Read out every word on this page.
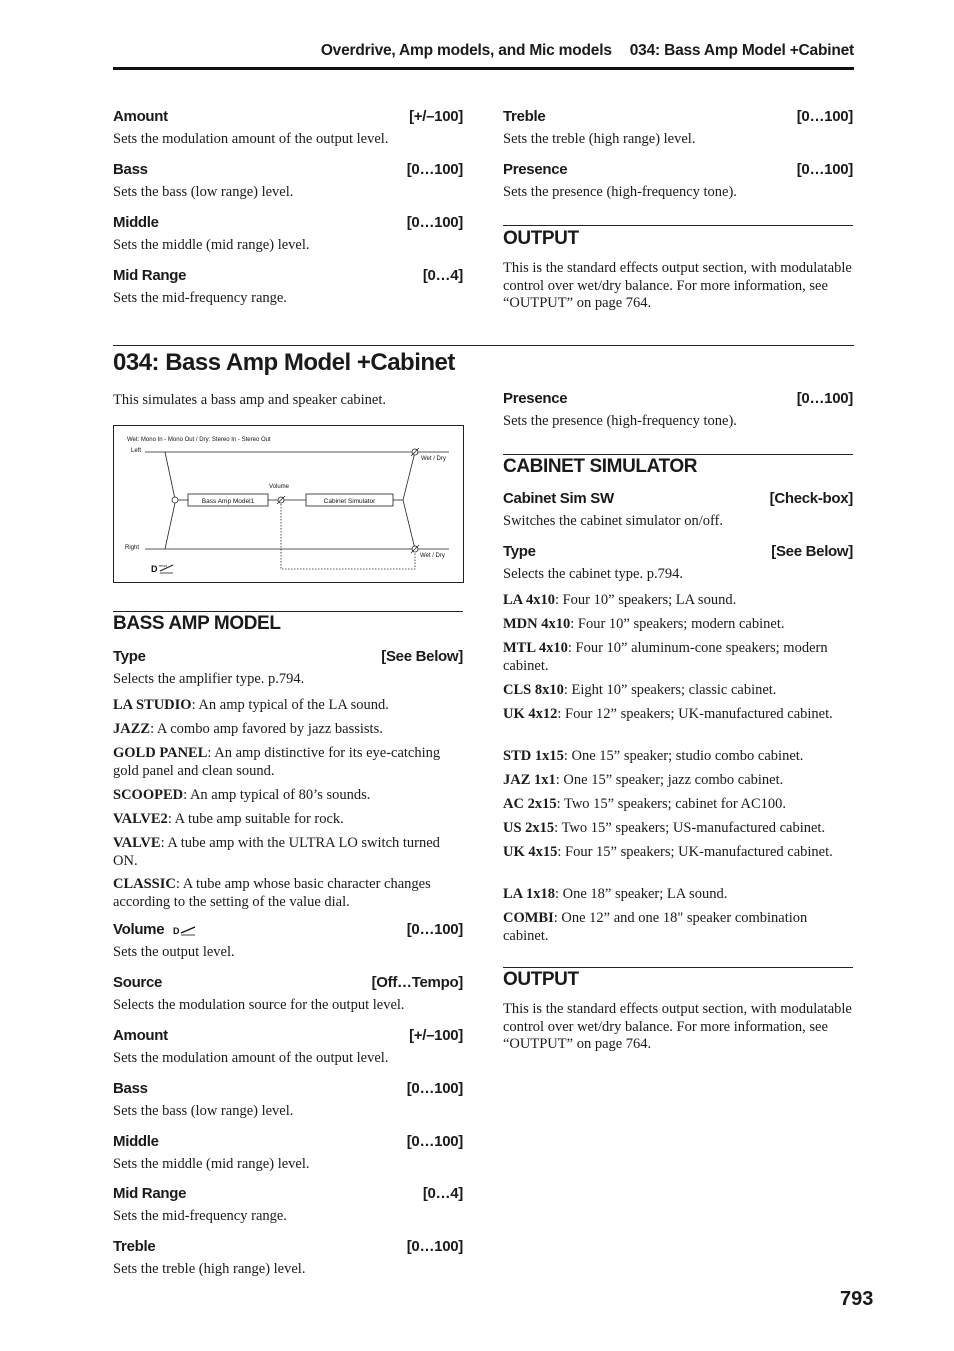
Overdrive, Amp models, and Mic models 034: Bass Amp Model +Cabinet
Amount	[+/–100]
Sets the modulation amount of the output level.
Bass	[0…100]
Sets the bass (low range) level.
Middle	[0…100]
Sets the middle (mid range) level.
Mid Range	[0…4]
Sets the mid-frequency range.
Treble	[0…100]
Sets the treble (high range) level.
Presence	[0…100]
Sets the presence (high-frequency tone).
OUTPUT
This is the standard effects output section, with modulatable control over wet/dry balance. For more information, see “OUTPUT” on page 764.
034: Bass Amp Model +Cabinet
This simulates a bass amp and speaker cabinet.
Wet: Mono In - Mono Out / Dry: Stereo In - Stereo Out
Left
Right
Volume
Wet / Dry
Wet / Dry
Bass Amp Model1	Cabinet Simulator
D mod
BASS AMP MODEL
Type	[See Below]
Selects the amplifier type. p.794.
LA STUDIO: An amp typical of the LA sound.
JAZZ: A combo amp favored by jazz bassists.
GOLD PANEL: An amp distinctive for its eye-catching gold panel and clean sound.
SCOOPED: An amp typical of 80’s sounds.
VALVE2: A tube amp suitable for rock.
VALVE: A tube amp with the ULTRA LO switch turned ON.
CLASSIC: A tube amp whose basic character changes according to the setting of the value dial.
Volume D	[0…100]
Sets the output level.
Source	[Off…Tempo]
Selects the modulation source for the output level.
Amount	[+/–100]
Sets the modulation amount of the output level.
Bass	[0…100]
Sets the bass (low range) level.
Middle	[0…100]
Sets the middle (mid range) level.
Mid Range	[0…4]
Sets the mid-frequency range.
Treble	[0…100]
Sets the treble (high range) level.
Presence	[0…100]
Sets the presence (high-frequency tone).
CABINET SIMULATOR
Cabinet Sim SW	[Check-box]
Switches the cabinet simulator on/off.
Type	[See Below]
Selects the cabinet type. p.794.
LA 4x10: Four 10” speakers; LA sound.
MDN 4x10: Four 10” speakers; modern cabinet.
MTL 4x10: Four 10” aluminum-cone speakers; modern cabinet.
CLS 8x10: Eight 10” speakers; classic cabinet.
UK 4x12: Four 12” speakers; UK-manufactured cabinet.
STD 1x15: One 15” speaker; studio combo cabinet.
JAZ 1x1: One 15” speaker; jazz combo cabinet.
AC 2x15: Two 15” speakers; cabinet for AC100.
US 2x15: Two 15” speakers; US-manufactured cabinet.
UK 4x15: Four 15” speakers; UK-manufactured cabinet.
LA 1x18: One 18” speaker; LA sound.
COMBI: One 12” and one 18" speaker combination cabinet.
OUTPUT
This is the standard effects output section, with modulatable control over wet/dry balance. For more information, see “OUTPUT” on page 764.
793
